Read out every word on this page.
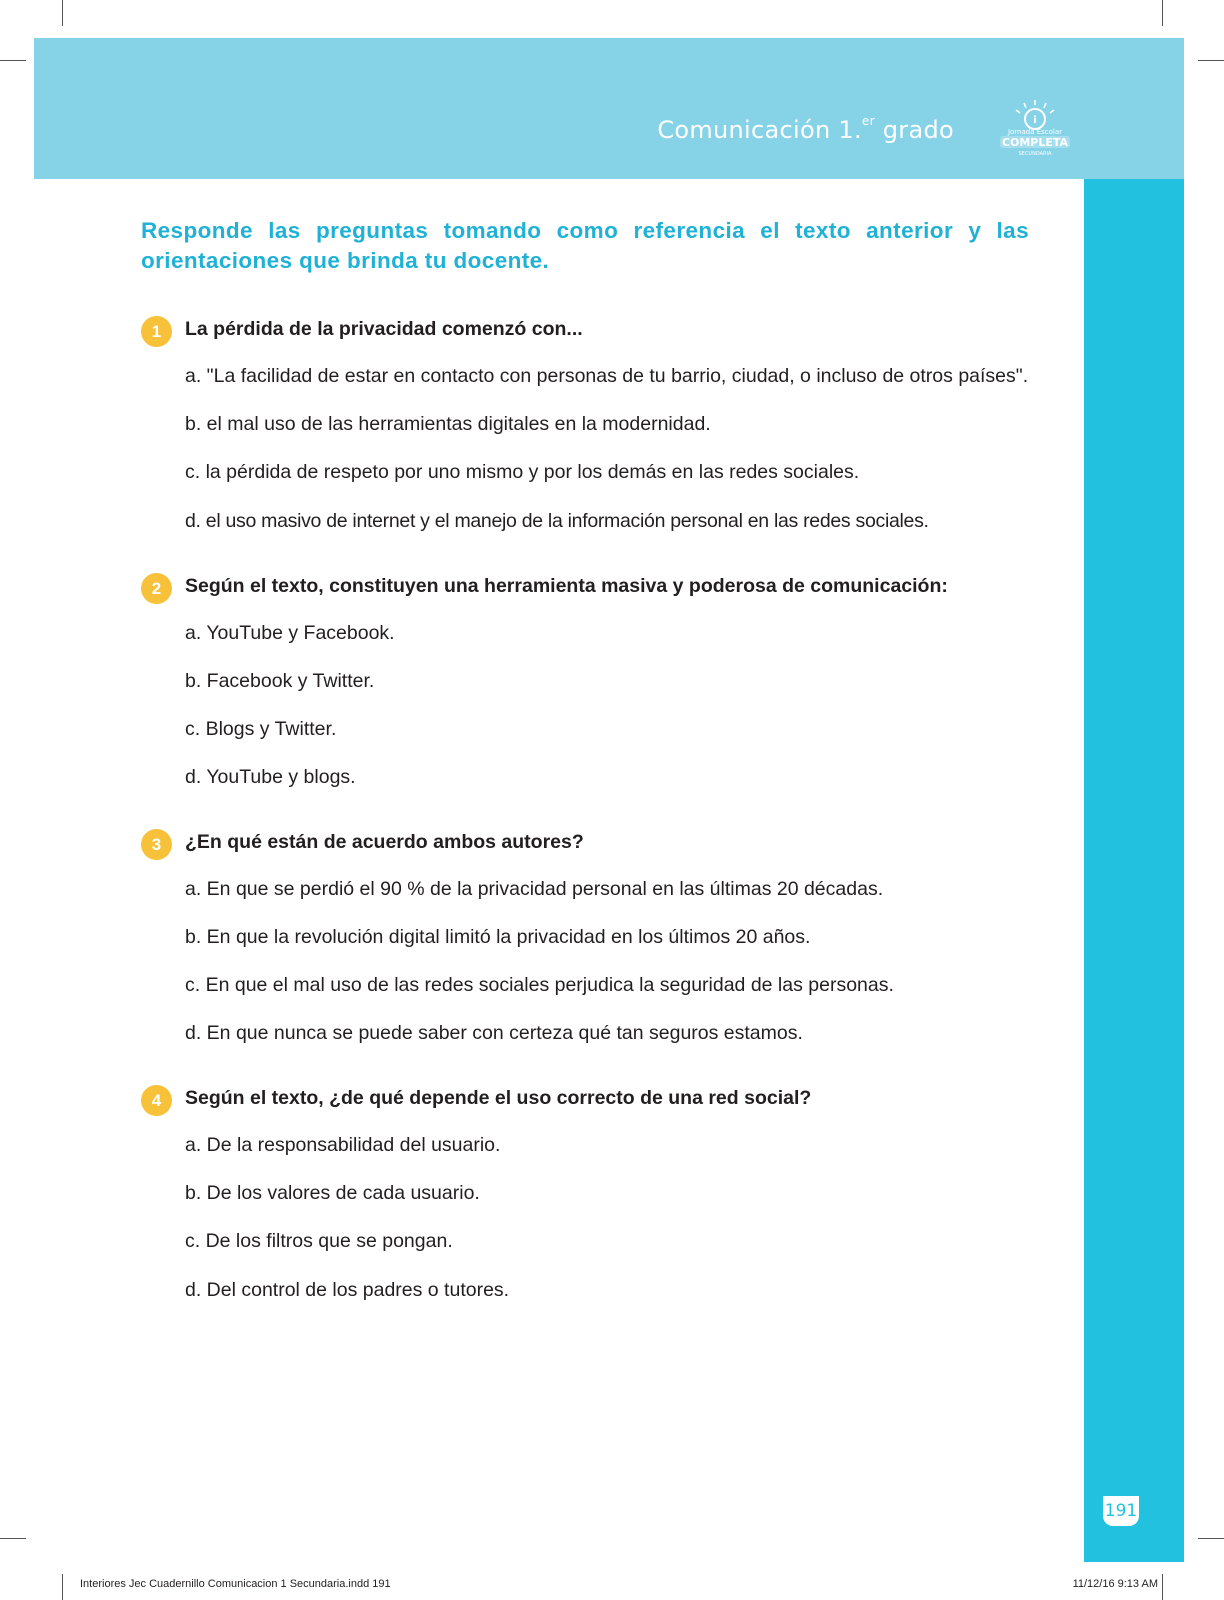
Comunicación 1.$^{er}$ grado	i
Jornada Escolar
COMPLETA
SECUNDARIA
191
Responde las preguntas tomando como referencia el texto anterior y las orientaciones que brinda tu docente.
1	La pérdida de la privacidad comenzó con...
a. "La facilidad de estar en contacto con personas de tu barrio, ciudad, o incluso de otros países".
b. el mal uso de las herramientas digitales en la modernidad.
c. la pérdida de respeto por uno mismo y por los demás en las redes sociales.
d. el uso masivo de internet y el manejo de la información personal en las redes sociales.
2	Según el texto, constituyen una herramienta masiva y poderosa de comunicación:
a. YouTube y Facebook.
b. Facebook y Twitter.
c. Blogs y Twitter.
d. YouTube y blogs.
3	¿En qué están de acuerdo ambos autores?
a. En que se perdió el 90 % de la privacidad personal en las últimas 20 décadas.
b. En que la revolución digital limitó la privacidad en los últimos 20 años.
c. En que el mal uso de las redes sociales perjudica la seguridad de las personas.
d. En que nunca se puede saber con certeza qué tan seguros estamos.
4	Según el texto, ¿de qué depende el uso correcto de una red social?
a. De la responsabilidad del usuario.
b. De los valores de cada usuario.
c. De los filtros que se pongan.
d. Del control de los padres o tutores.
Interiores Jec Cuadernillo Comunicacion 1 Secundaria.indd 191	11/12/16 9:13 AM
